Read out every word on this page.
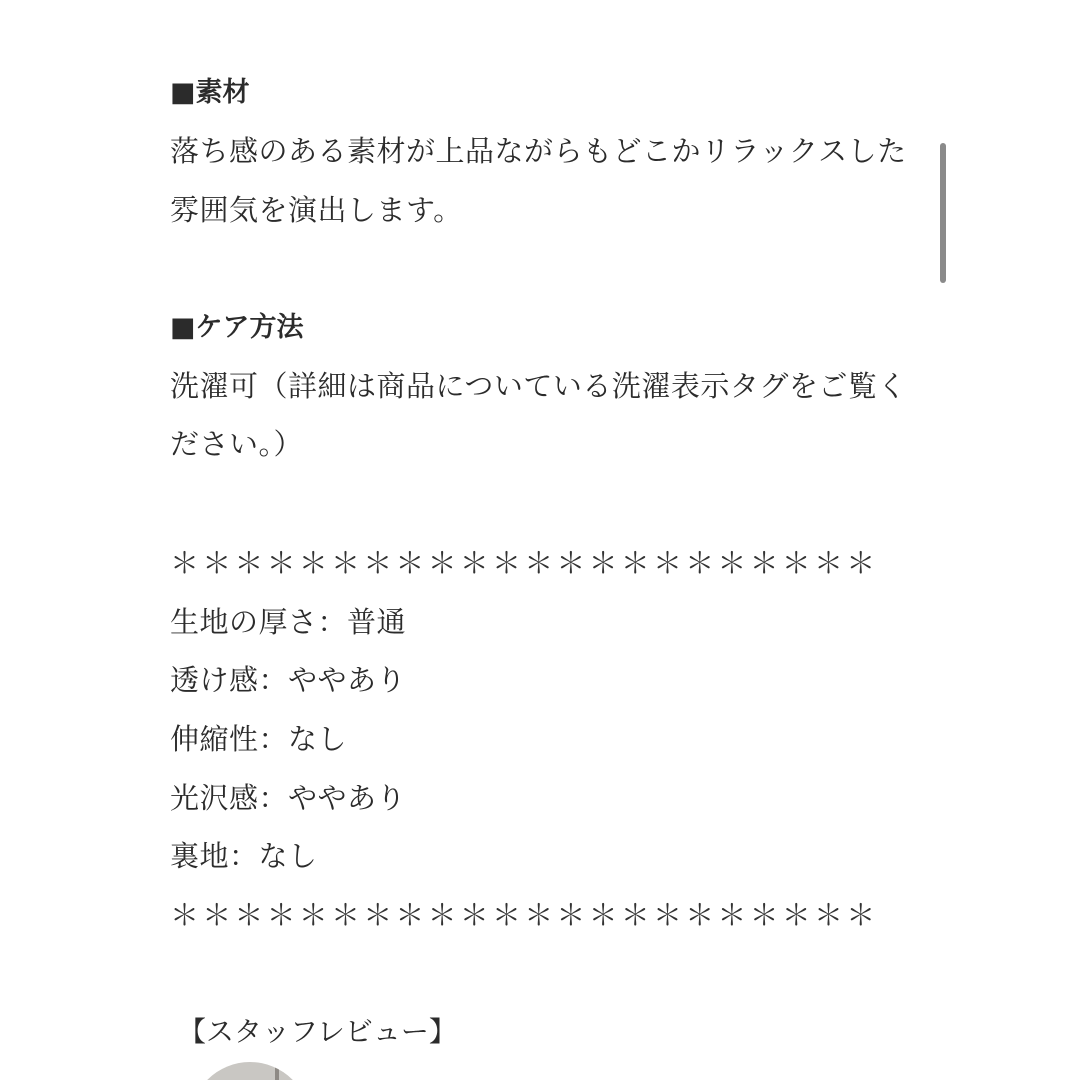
■素材
落ち感のある素材が上品ながらもどこかリラックスした
雰囲気を演出します。
■ケア方法
洗濯可（詳細は商品についている洗濯表示タグをご覧く
ださい。）
＊＊＊＊＊＊＊＊＊＊＊＊＊＊＊＊＊＊＊＊＊＊
生地の厚さ：普通
透け感：ややあり
伸縮性：なし
光沢感：ややあり
裏地：なし
＊＊＊＊＊＊＊＊＊＊＊＊＊＊＊＊＊＊＊＊＊＊
【スタッフレビュー】
